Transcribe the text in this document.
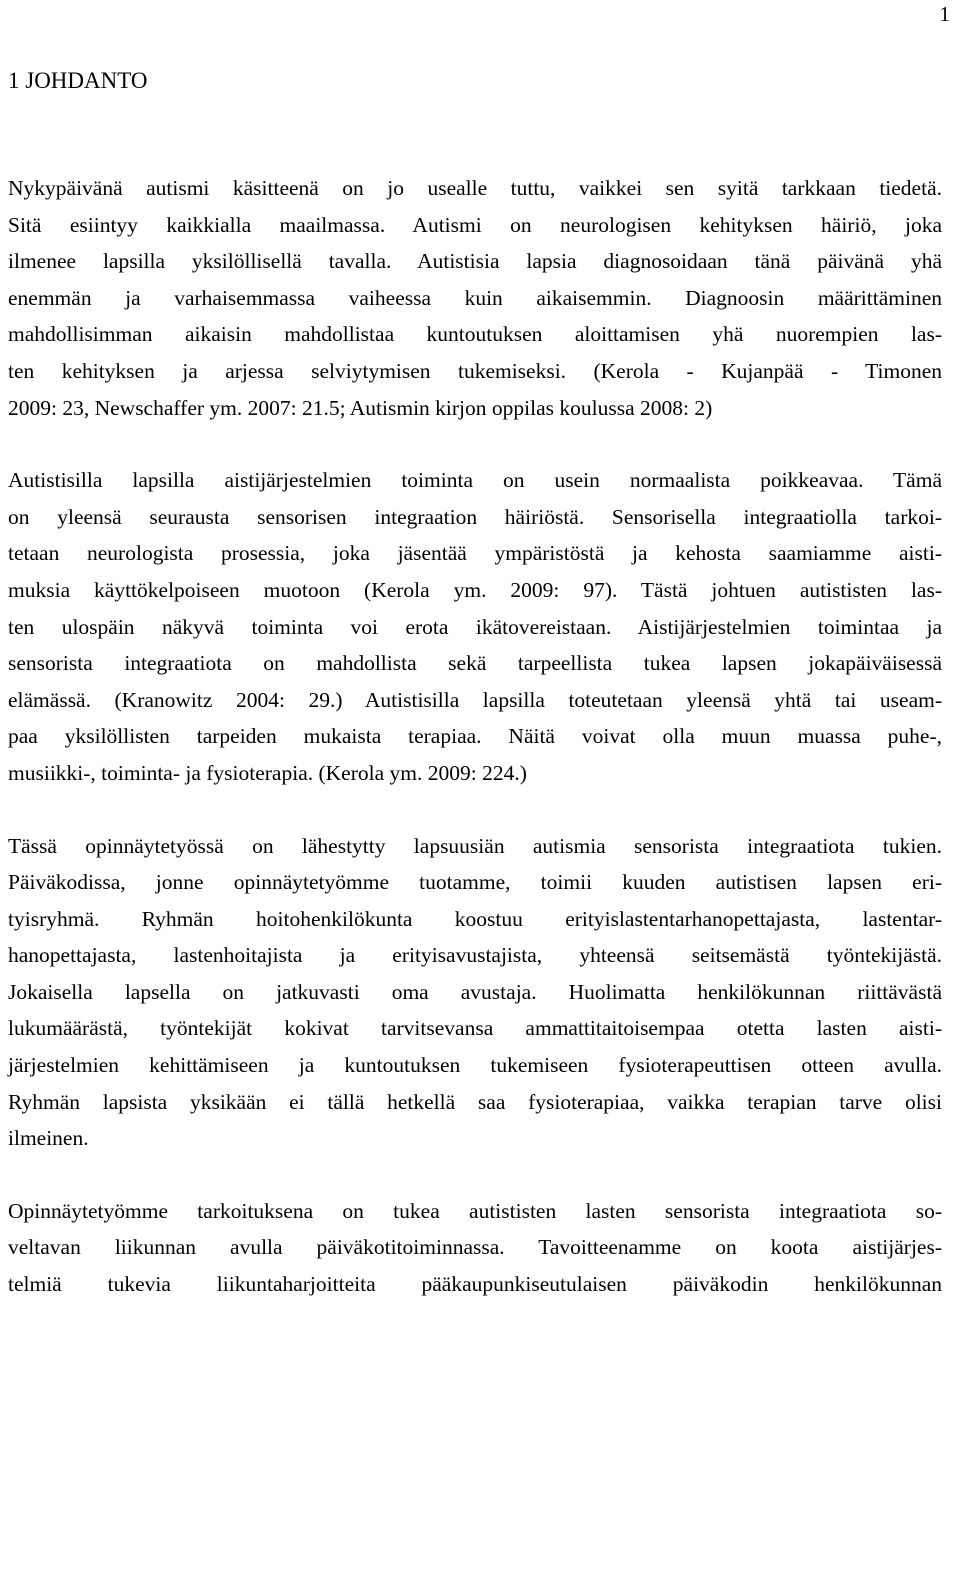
1
1 JOHDANTO
Nykypäivänä autismi käsitteenä on jo usealle tuttu, vaikkei sen syitä tarkkaan tiedetä.
Sitä esiintyy kaikkialla maailmassa. Autismi on neurologisen kehityksen häiriö, joka
ilmenee lapsilla yksilöllisellä tavalla. Autistisia lapsia diagnosoidaan tänä päivänä yhä
enemmän ja varhaisemmassa vaiheessa kuin aikaisemmin. Diagnoosin määrittäminen
mahdollisimman aikaisin mahdollistaa kuntoutuksen aloittamisen yhä nuorempien las-
ten kehityksen ja arjessa selviytymisen tukemiseksi. (Kerola - Kujanpää - Timonen
2009: 23, Newschaffer ym. 2007: 21.5; Autismin kirjon oppilas koulussa 2008: 2)
Autistisilla lapsilla aistijärjestelmien toiminta on usein normaalista poikkeavaa. Tämä
on yleensä seurausta sensorisen integraation häiriöstä. Sensorisella integraatiolla tarkoi-
tetaan neurologista prosessia, joka jäsentää ympäristöstä ja kehosta saamiamme aisti-
muksia käyttökelpoiseen muotoon (Kerola ym. 2009: 97). Tästä johtuen autististen las-
ten ulospäin näkyvä toiminta voi erota ikätovereistaan. Aistijärjestelmien toimintaa ja
sensorista integraatiota on mahdollista sekä tarpeellista tukea lapsen jokapäiväisessä
elämässä. (Kranowitz 2004: 29.) Autistisilla lapsilla toteutetaan yleensä yhtä tai useam-
paa yksilöllisten tarpeiden mukaista terapiaa. Näitä voivat olla muun muassa puhe-,
musiikki-, toiminta- ja fysioterapia. (Kerola ym. 2009: 224.)
Tässä opinnäytetyössä on lähestytty lapsuusiän autismia sensorista integraatiota tukien.
Päiväkodissa, jonne opinnäytetyömme tuotamme, toimii kuuden autistisen lapsen eri-
tyisryhmä. Ryhmän hoitohenkilökunta koostuu erityislastentarhanopettajasta, lastentar-
hanopettajasta, lastenhoitajista ja erityisavustajista, yhteensä seitsemästä työntekijästä.
Jokaisella lapsella on jatkuvasti oma avustaja. Huolimatta henkilökunnan riittävästä
lukumäärästä, työntekijät kokivat tarvitsevansa ammattitaitoisempaa otetta lasten aisti-
järjestelmien kehittämiseen ja kuntoutuksen tukemiseen fysioterapeuttisen otteen avulla.
Ryhmän lapsista yksikään ei tällä hetkellä saa fysioterapiaa, vaikka terapian tarve olisi
ilmeinen.
Opinnäytetyömme tarkoituksena on tukea autististen lasten sensorista integraatiota so-
veltavan liikunnan avulla päiväkotitoiminnassa. Tavoitteenamme on koota aistijärjes-
telmiä tukevia liikuntaharjoitteita pääkaupunkiseutulaisen päiväkodin henkilökunnan
